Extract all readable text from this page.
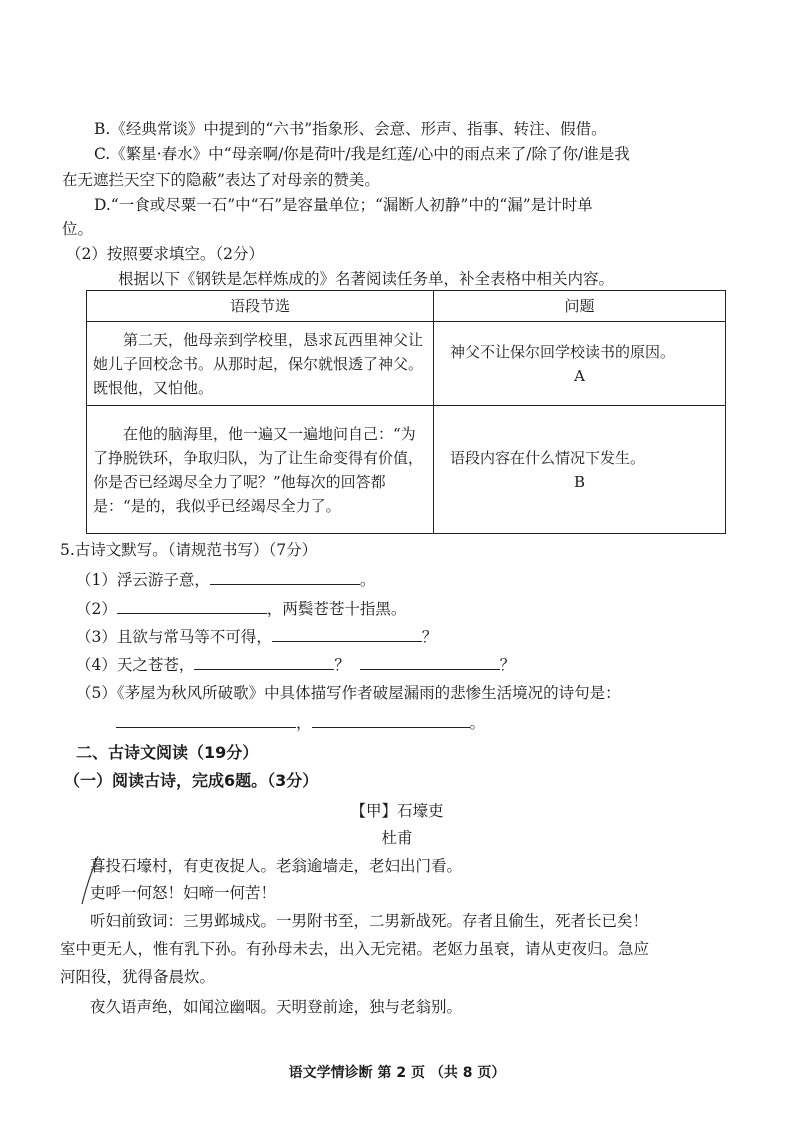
B.《经典常谈》中提到的“六书”指象形、会意、形声、指事、转注、假借。
C.《繁星·春水》中“母亲啊/你是荷叶/我是红莲/心中的雨点来了/除了你/谁是我
在无遮拦天空下的隐蔽”表达了对母亲的赞美。
D.“一食或尽粟一石”中“石”是容量单位；“漏断人初静”中的“漏”是计时单
位。
（2）按照要求填空。（2分）
根据以下《钢铁是怎样炼成的》名著阅读任务单，补全表格中相关内容。
语段节选	问题
第二天，他母亲到学校里，恳求瓦西里神父让她儿子回校念书。从那时起，保尔就恨透了神父。既恨他，又怕他。	神父不让保尔回学校读书的原因。
A

在他的脑海里，他一遍又一遍地问自己：“为了挣脱铁环，争取归队，为了让生命变得有价值，你是否已经竭尽全力了呢？”他每次的回答都是：“是的，我似乎已经竭尽全力了。	语段内容在什么情况下发生。
B
5.古诗文默写。（请规范书写）（7分）
（1）浮云游子意，	。
（2）	，两鬓苍苍十指黑。
（3）且欲与常马等不可得，	？
（4）天之苍苍，	？	？
（5）《茅屋为秋风所破歌》中具体描写作者破屋漏雨的悲惨生活境况的诗句是：
，	。
二、古诗文阅读（19分）
（一）阅读古诗，完成6题。（3分）
【甲】石壕吏
杜甫
暮投石壕村，有吏夜捉人。老翁逾墙走，老妇出门看。
吏呼一何怒！妇啼一何苦！
听妇前致词：三男邺城戍。一男附书至，二男新战死。存者且偷生，死者长已矣！
室中更无人，惟有乳下孙。有孙母未去，出入无完裙。老妪力虽衰，请从吏夜归。急应
河阳役，犹得备晨炊。
夜久语声绝，如闻泣幽咽。天明登前途，独与老翁别。
语文学情诊断 第 2 页 （共 8 页）
